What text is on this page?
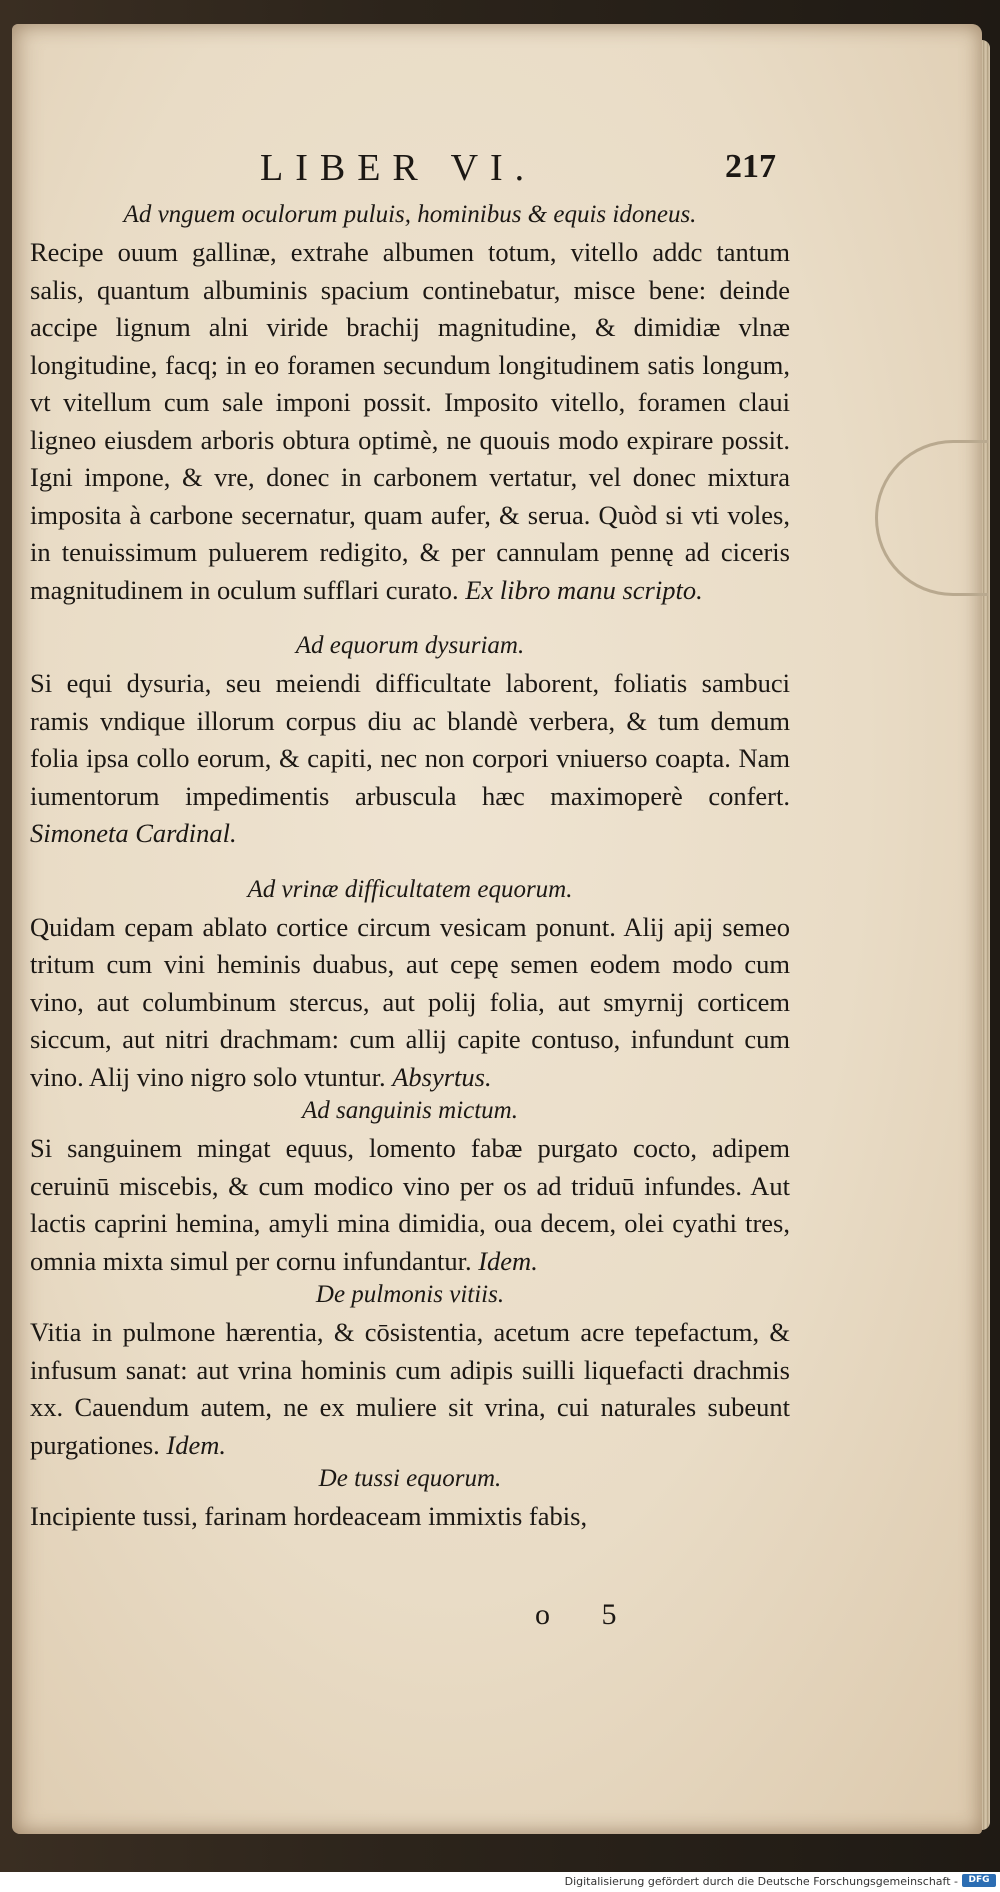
LIBER VI.	217

Ad vnguem oculorum puluis, hominibus & equis idoneus.

Recipe ouum gallinæ, extrahe albumen totum, vitello addc tantum salis, quantum albuminis spacium continebatur, misce bene: deinde accipe lignum alni viride brachij magnitudine, & dimidiæ vlnæ longitudine, facq; in eo foramen secundum longitudinem satis longum, vt vitellum cum sale imponi possit. Imposito vitello, foramen claui ligneo eiusdem arboris obtura optimè, ne quouis modo expirare possit. Igni impone, & vre, donec in carbonem vertatur, vel donec mixtura imposita à carbone secernatur, quam aufer, & serua. Quòd si vti voles, in tenuissimum puluerem redigito, & per cannulam pennę ad ciceris magnitudinem in oculum sufflari curato. Ex libro manu scripto.

Ad equorum dysuriam.

Si equi dysuria, seu meiendi difficultate laborent, foliatis sambuci ramis vndique illorum corpus diu ac blandè verbera, & tum demum folia ipsa collo eorum, & capiti, nec non corpori vniuerso coapta. Nam iumentorum impedimentis arbuscula hæc maximoperè confert. Simoneta Cardinal.

Ad vrinæ difficultatem equorum.

Quidam cepam ablato cortice circum vesicam ponunt. Alij apij semeo tritum cum vini heminis duabus, aut cepę semen eodem modo cum vino, aut columbinum stercus, aut polij folia, aut smyrnij corticem siccum, aut nitri drachmam: cum allij capite contuso, infundunt cum vino. Alij vino nigro solo vtuntur. Absyrtus.

Ad sanguinis mictum.

Si sanguinem mingat equus, lomento fabæ purgato cocto, adipem ceruinū miscebis, & cum modico vino per os ad triduū infundes. Aut lactis caprini hemina, amyli mina dimidia, oua decem, olei cyathi tres, omnia mixta simul per cornu infundantur. Idem.

De pulmonis vitiis.

Vitia in pulmone hærentia, & cōsistentia, acetum acre tepefactum, & infusum sanat: aut vrina hominis cum adipis suilli liquefacti drachmis xx. Cauendum autem, ne ex muliere sit vrina, cui naturales subeunt purgationes. Idem.

De tussi equorum.

Incipiente tussi, farinam hordeaceam immixtis fabis,

o 5
Digitalisierung gefördert durch die Deutsche Forschungsgemeinschaft -	DFG
